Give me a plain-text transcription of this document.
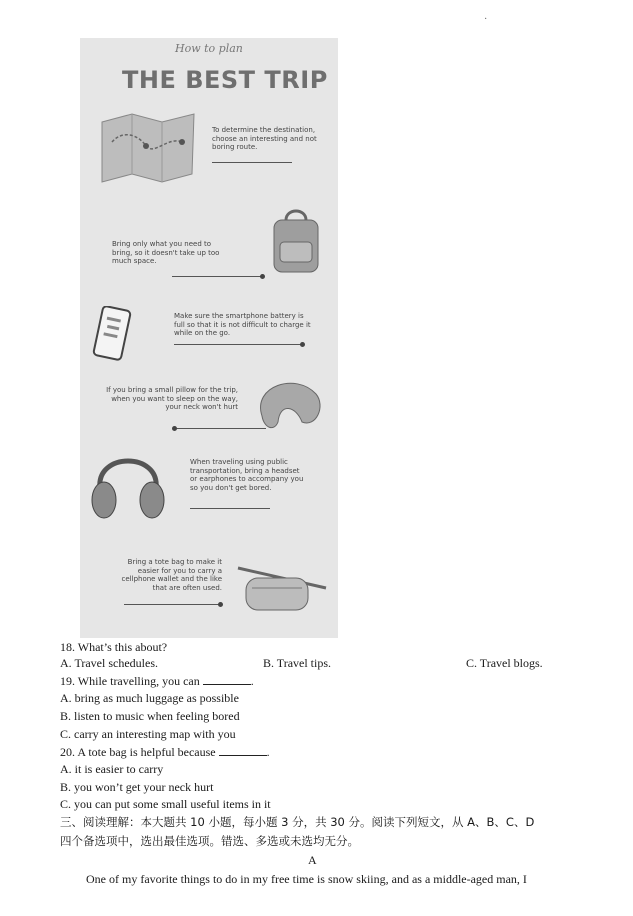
·
How to plan
THE BEST TRIP
To determine the destination, choose an interesting and not boring route.
Bring only what you need to bring, so it doesn't take up too much space.
Make sure the smartphone battery is full so that it is not difficult to charge it while on the go.
If you bring a small pillow for the trip, when you want to sleep on the way, your neck won't hurt
When traveling using public transportation, bring a headset or earphones to accompany you so you don't get bored.
Bring a tote bag to make it easier for you to carry a cellphone wallet and the like that are often used.
18. What’s this about?
A. Travel schedules.	B. Travel tips.	C. Travel blogs.
19. While travelling, you can	.
A. bring as much luggage as possible
B. listen to music when feeling bored
C. carry an interesting map with you
20. A tote bag is helpful because	.
A. it is easier to carry
B. you won’t get your neck hurt
C. you can put some small useful items in it
三、阅读理解：本大题共 10 小题，每小题 3 分，共 30 分。阅读下列短文，从 A、B、C、D
四个备选项中，选出最佳选项。错选、多选或未选均无分。
A
One of my favorite things to do in my free time is snow skiing, and as a middle-aged man, I
